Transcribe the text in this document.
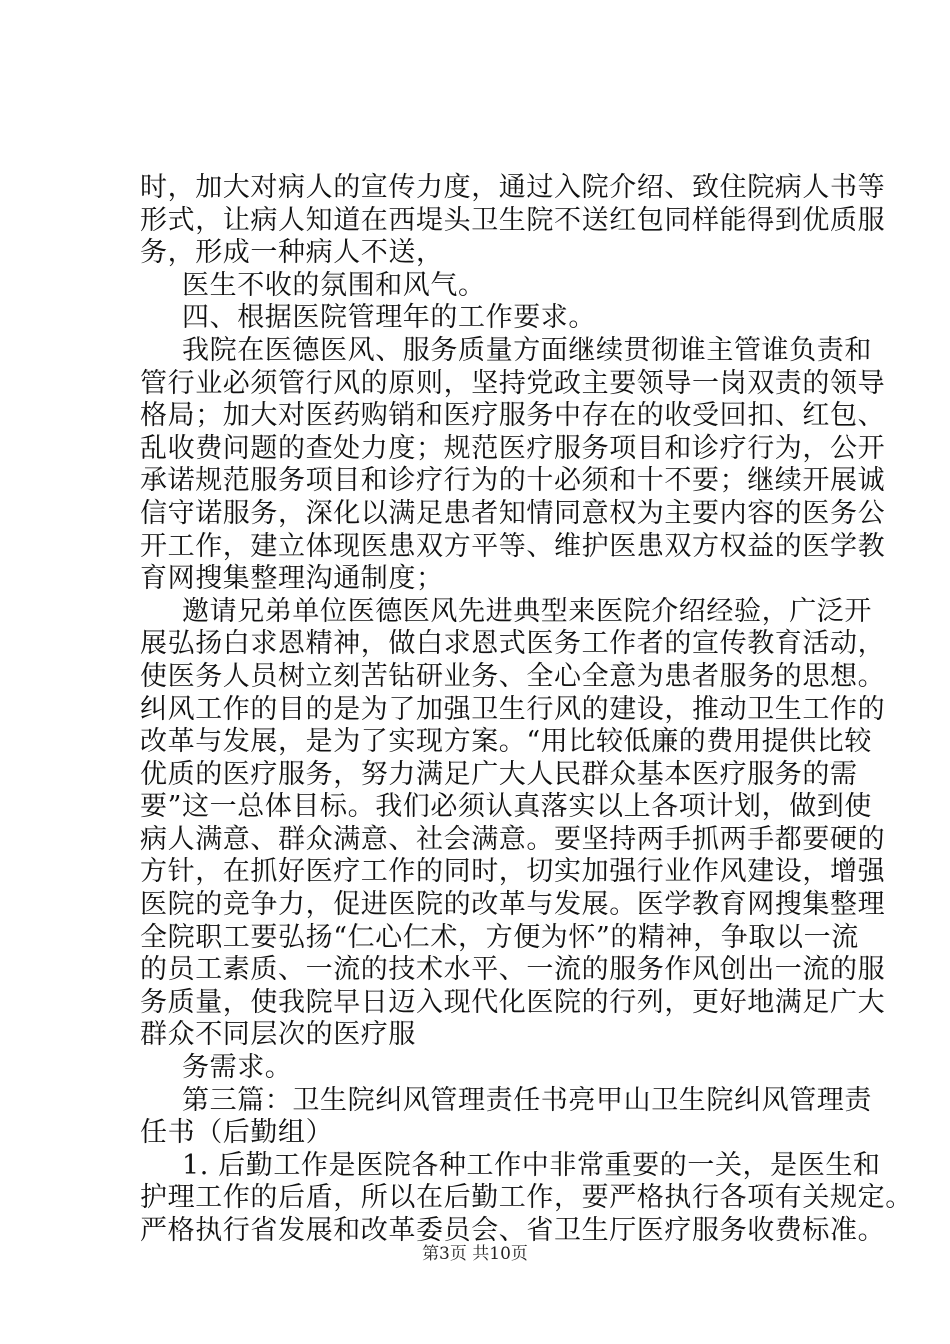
时，加大对病人的宣传力度，通过入院介绍、致住院病人书等
形式，让病人知道在西堤头卫生院不送红包同样能得到优质服
务，形成一种病人不送，
医生不收的氛围和风气。
四、根据医院管理年的工作要求。
我院在医德医风、服务质量方面继续贯彻谁主管谁负责和
管行业必须管行风的原则，坚持党政主要领导一岗双责的领导
格局；加大对医药购销和医疗服务中存在的收受回扣、红包、
乱收费问题的查处力度；规范医疗服务项目和诊疗行为，公开
承诺规范服务项目和诊疗行为的十必须和十不要；继续开展诚
信守诺服务，深化以满足患者知情同意权为主要内容的医务公
开工作，建立体现医患双方平等、维护医患双方权益的医学教
育网搜集整理沟通制度；
邀请兄弟单位医德医风先进典型来医院介绍经验，广泛开
展弘扬白求恩精神，做白求恩式医务工作者的宣传教育活动，
使医务人员树立刻苦钻研业务、全心全意为患者服务的思想。
纠风工作的目的是为了加强卫生行风的建设，推动卫生工作的
改革与发展，是为了实现方案。“用比较低廉的费用提供比较
优质的医疗服务，努力满足广大人民群众基本医疗服务的需
要”这一总体目标。我们必须认真落实以上各项计划，做到使
病人满意、群众满意、社会满意。要坚持两手抓两手都要硬的
方针，在抓好医疗工作的同时，切实加强行业作风建设，增强
医院的竞争力，促进医院的改革与发展。医学教育网搜集整理
全院职工要弘扬“仁心仁术，方便为怀”的精神，争取以一流
的员工素质、一流的技术水平、一流的服务作风创出一流的服
务质量，使我院早日迈入现代化医院的行列，更好地满足广大
群众不同层次的医疗服
务需求。
第三篇：卫生院纠风管理责任书亮甲山卫生院纠风管理责
任书（后勤组）
1. 后勤工作是医院各种工作中非常重要的一关，是医生和
护理工作的后盾，所以在后勤工作，要严格执行各项有关规定。
严格执行省发展和改革委员会、省卫生厅医疗服务收费标准。
第3页 共10页
